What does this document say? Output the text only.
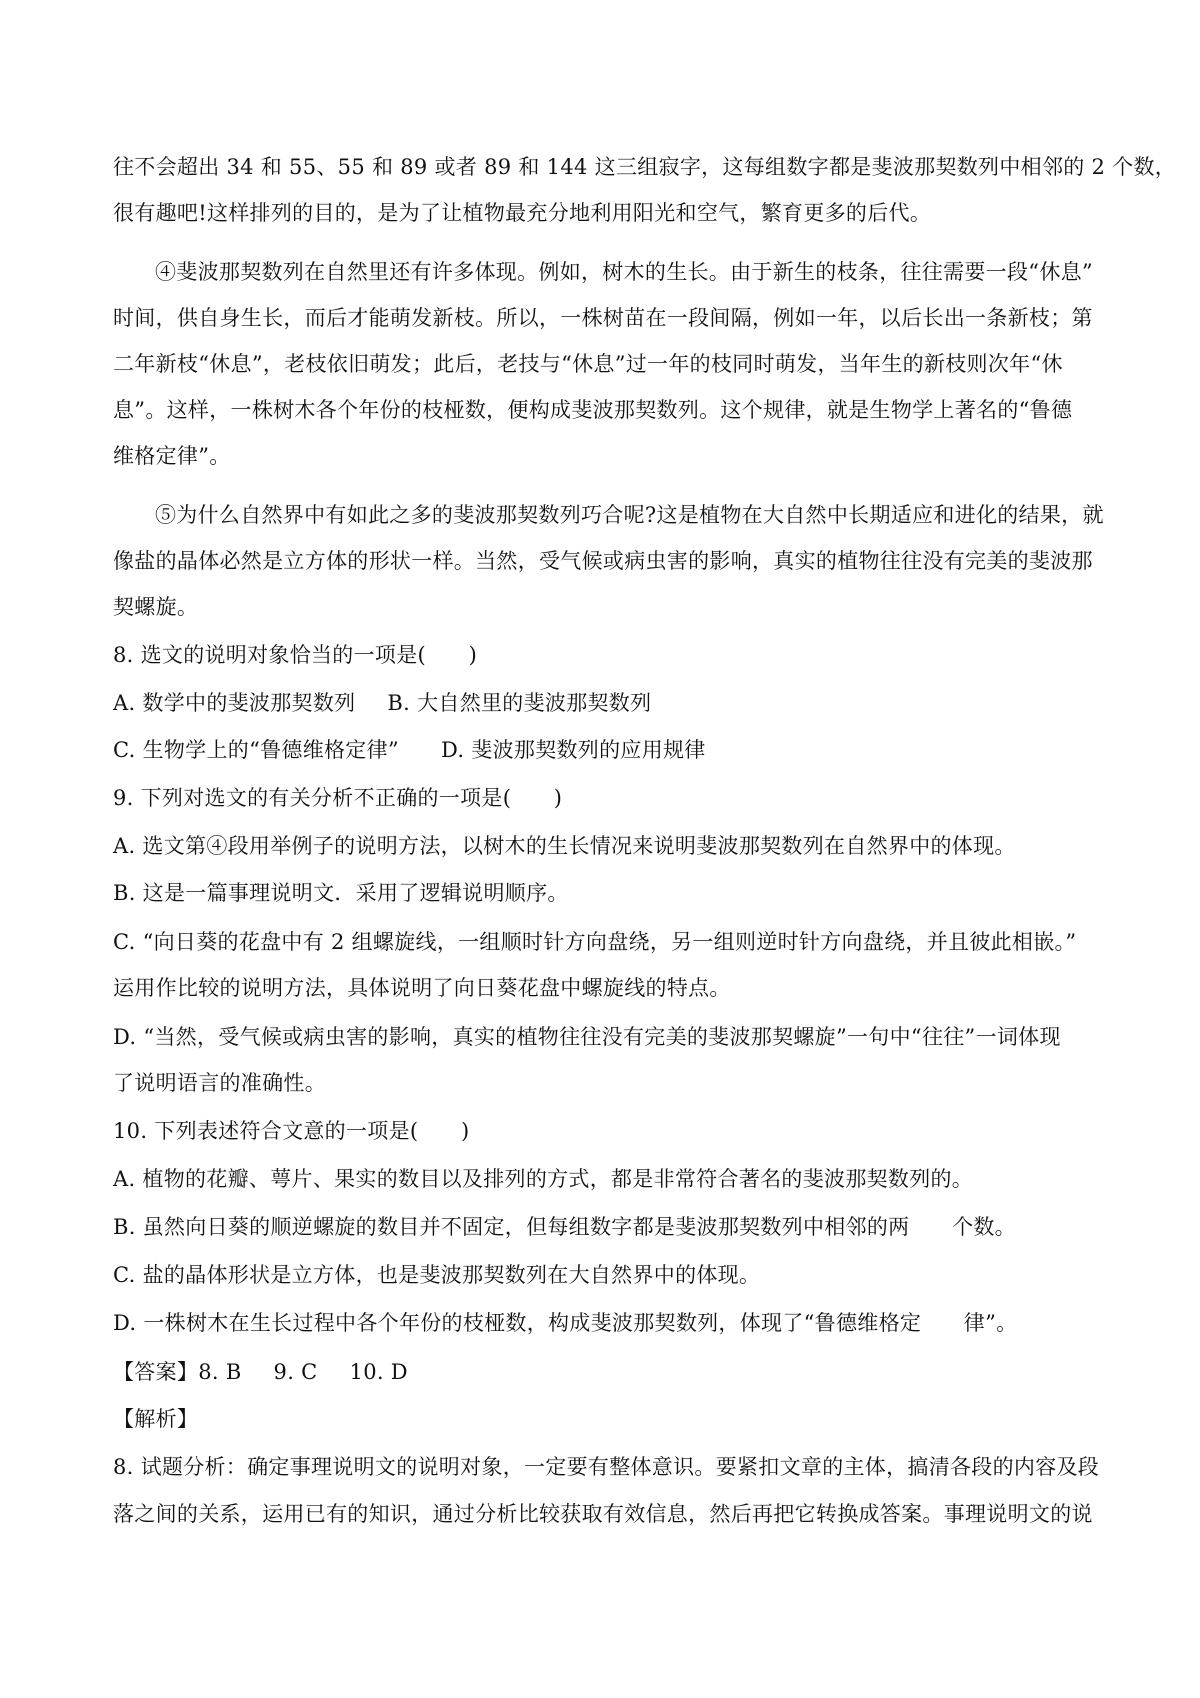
往不会超出 34 和 55、55 和 89 或者 89 和 144 这三组寂字，这每组数字都是斐波那契数列中相邻的 2 个数，

很有趣吧!这样排列的目的，是为了让植物最充分地利用阳光和空气，繁育更多的后代。

④斐波那契数列在自然里还有许多体现。例如，树木的生长。由于新生的枝条，往往需要一段“休息”

时间，供自身生长，而后才能萌发新枝。所以，一株树苗在一段间隔，例如一年，以后长出一条新枝；第

二年新枝“休息”，老枝依旧萌发；此后，老技与“休息”过一年的枝同时萌发，当年生的新枝则次年“休

息”。这样，一株树木各个年份的枝桠数，便构成斐波那契数列。这个规律，就是生物学上著名的“鲁德

维格定律”。

⑤为什么自然界中有如此之多的斐波那契数列巧合呢?这是植物在大自然中长期适应和进化的结果，就

像盐的晶体必然是立方体的形状一样。当然，受气候或病虫害的影响，真实的植物往往没有完美的斐波那

契螺旋。

8. 选文的说明对象恰当的一项是(　　)

A. 数学中的斐波那契数列 B. 大自然里的斐波那契数列

C. 生物学上的“鲁德维格定律” D. 斐波那契数列的应用规律

9. 下列对选文的有关分析不正确的一项是(　　)

A. 选文第④段用举例子的说明方法，以树木的生长情况来说明斐波那契数列在自然界中的体现。

B. 这是一篇事理说明文．采用了逻辑说明顺序。

C. “向日葵的花盘中有 2 组螺旋线，一组顺时针方向盘绕，另一组则逆时针方向盘绕，并且彼此相嵌。”

运用作比较的说明方法，具体说明了向日葵花盘中螺旋线的特点。

D. “当然，受气候或病虫害的影响，真实的植物往往没有完美的斐波那契螺旋”一句中“往往”一词体现

了说明语言的准确性。

10. 下列表述符合文意的一项是(　　)

A. 植物的花瓣、萼片、果实的数目以及排列的方式，都是非常符合著名的斐波那契数列的。

B. 虽然向日葵的顺逆螺旋的数目并不固定，但每组数字都是斐波那契数列中相邻的两　　个数。

C. 盐的晶体形状是立方体，也是斐波那契数列在大自然界中的体现。

D. 一株树木在生长过程中各个年份的枝桠数，构成斐波那契数列，体现了“鲁德维格定　　律”。

【答案】8. B 9. C 10. D

【解析】

8. 试题分析：确定事理说明文的说明对象，一定要有整体意识。要紧扣文章的主体，搞清各段的内容及段

落之间的关系，运用已有的知识，通过分析比较获取有效信息，然后再把它转换成答案。事理说明文的说
